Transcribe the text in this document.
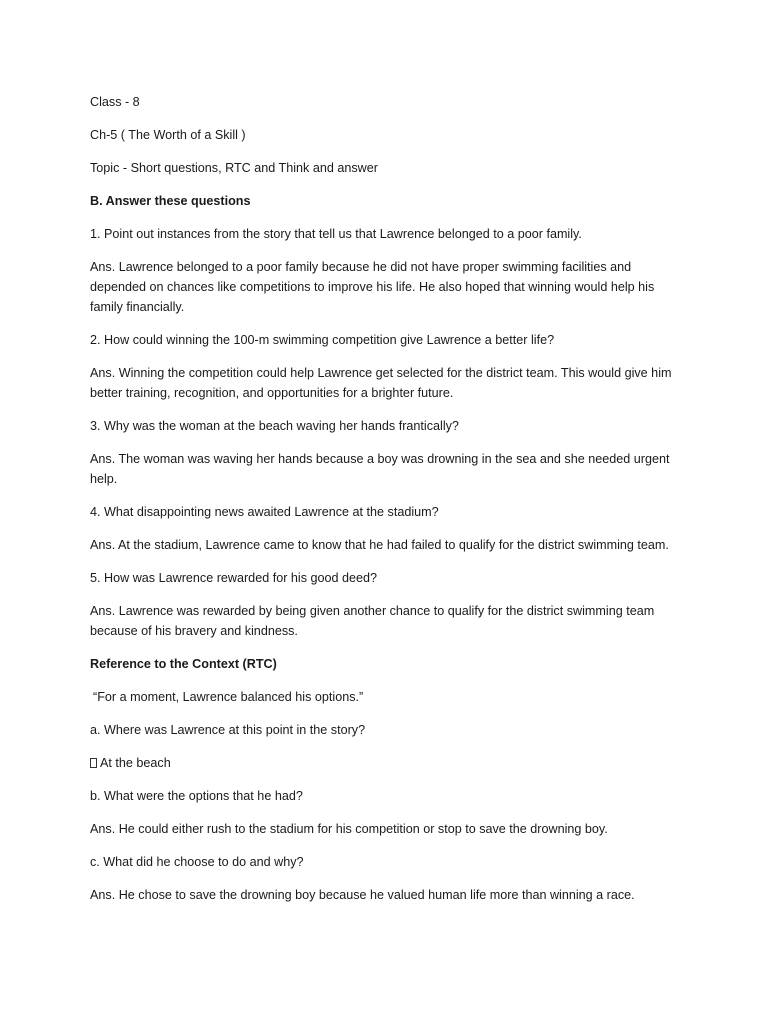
Class - 8

Ch-5 ( The Worth of a Skill )

Topic - Short questions, RTC and Think and answer

B. Answer these questions

1. Point out instances from the story that tell us that Lawrence belonged to a poor family.

Ans. Lawrence belonged to a poor family because he did not have proper swimming facilities and depended on chances like competitions to improve his life. He also hoped that winning would help his family financially.

2. How could winning the 100-m swimming competition give Lawrence a better life?

Ans. Winning the competition could help Lawrence get selected for the district team. This would give him better training, recognition, and opportunities for a brighter future.

3. Why was the woman at the beach waving her hands frantically?

Ans. The woman was waving her hands because a boy was drowning in the sea and she needed urgent help.

4. What disappointing news awaited Lawrence at the stadium?

Ans. At the stadium, Lawrence came to know that he had failed to qualify for the district swimming team.

5. How was Lawrence rewarded for his good deed?

Ans. Lawrence was rewarded by being given another chance to qualify for the district swimming team because of his bravery and kindness.

Reference to the Context (RTC)

“For a moment, Lawrence balanced his options.”

a. Where was Lawrence at this point in the story?

At the beach

b. What were the options that he had?

Ans. He could either rush to the stadium for his competition or stop to save the drowning boy.

c. What did he choose to do and why?

Ans. He chose to save the drowning boy because he valued human life more than winning a race.
